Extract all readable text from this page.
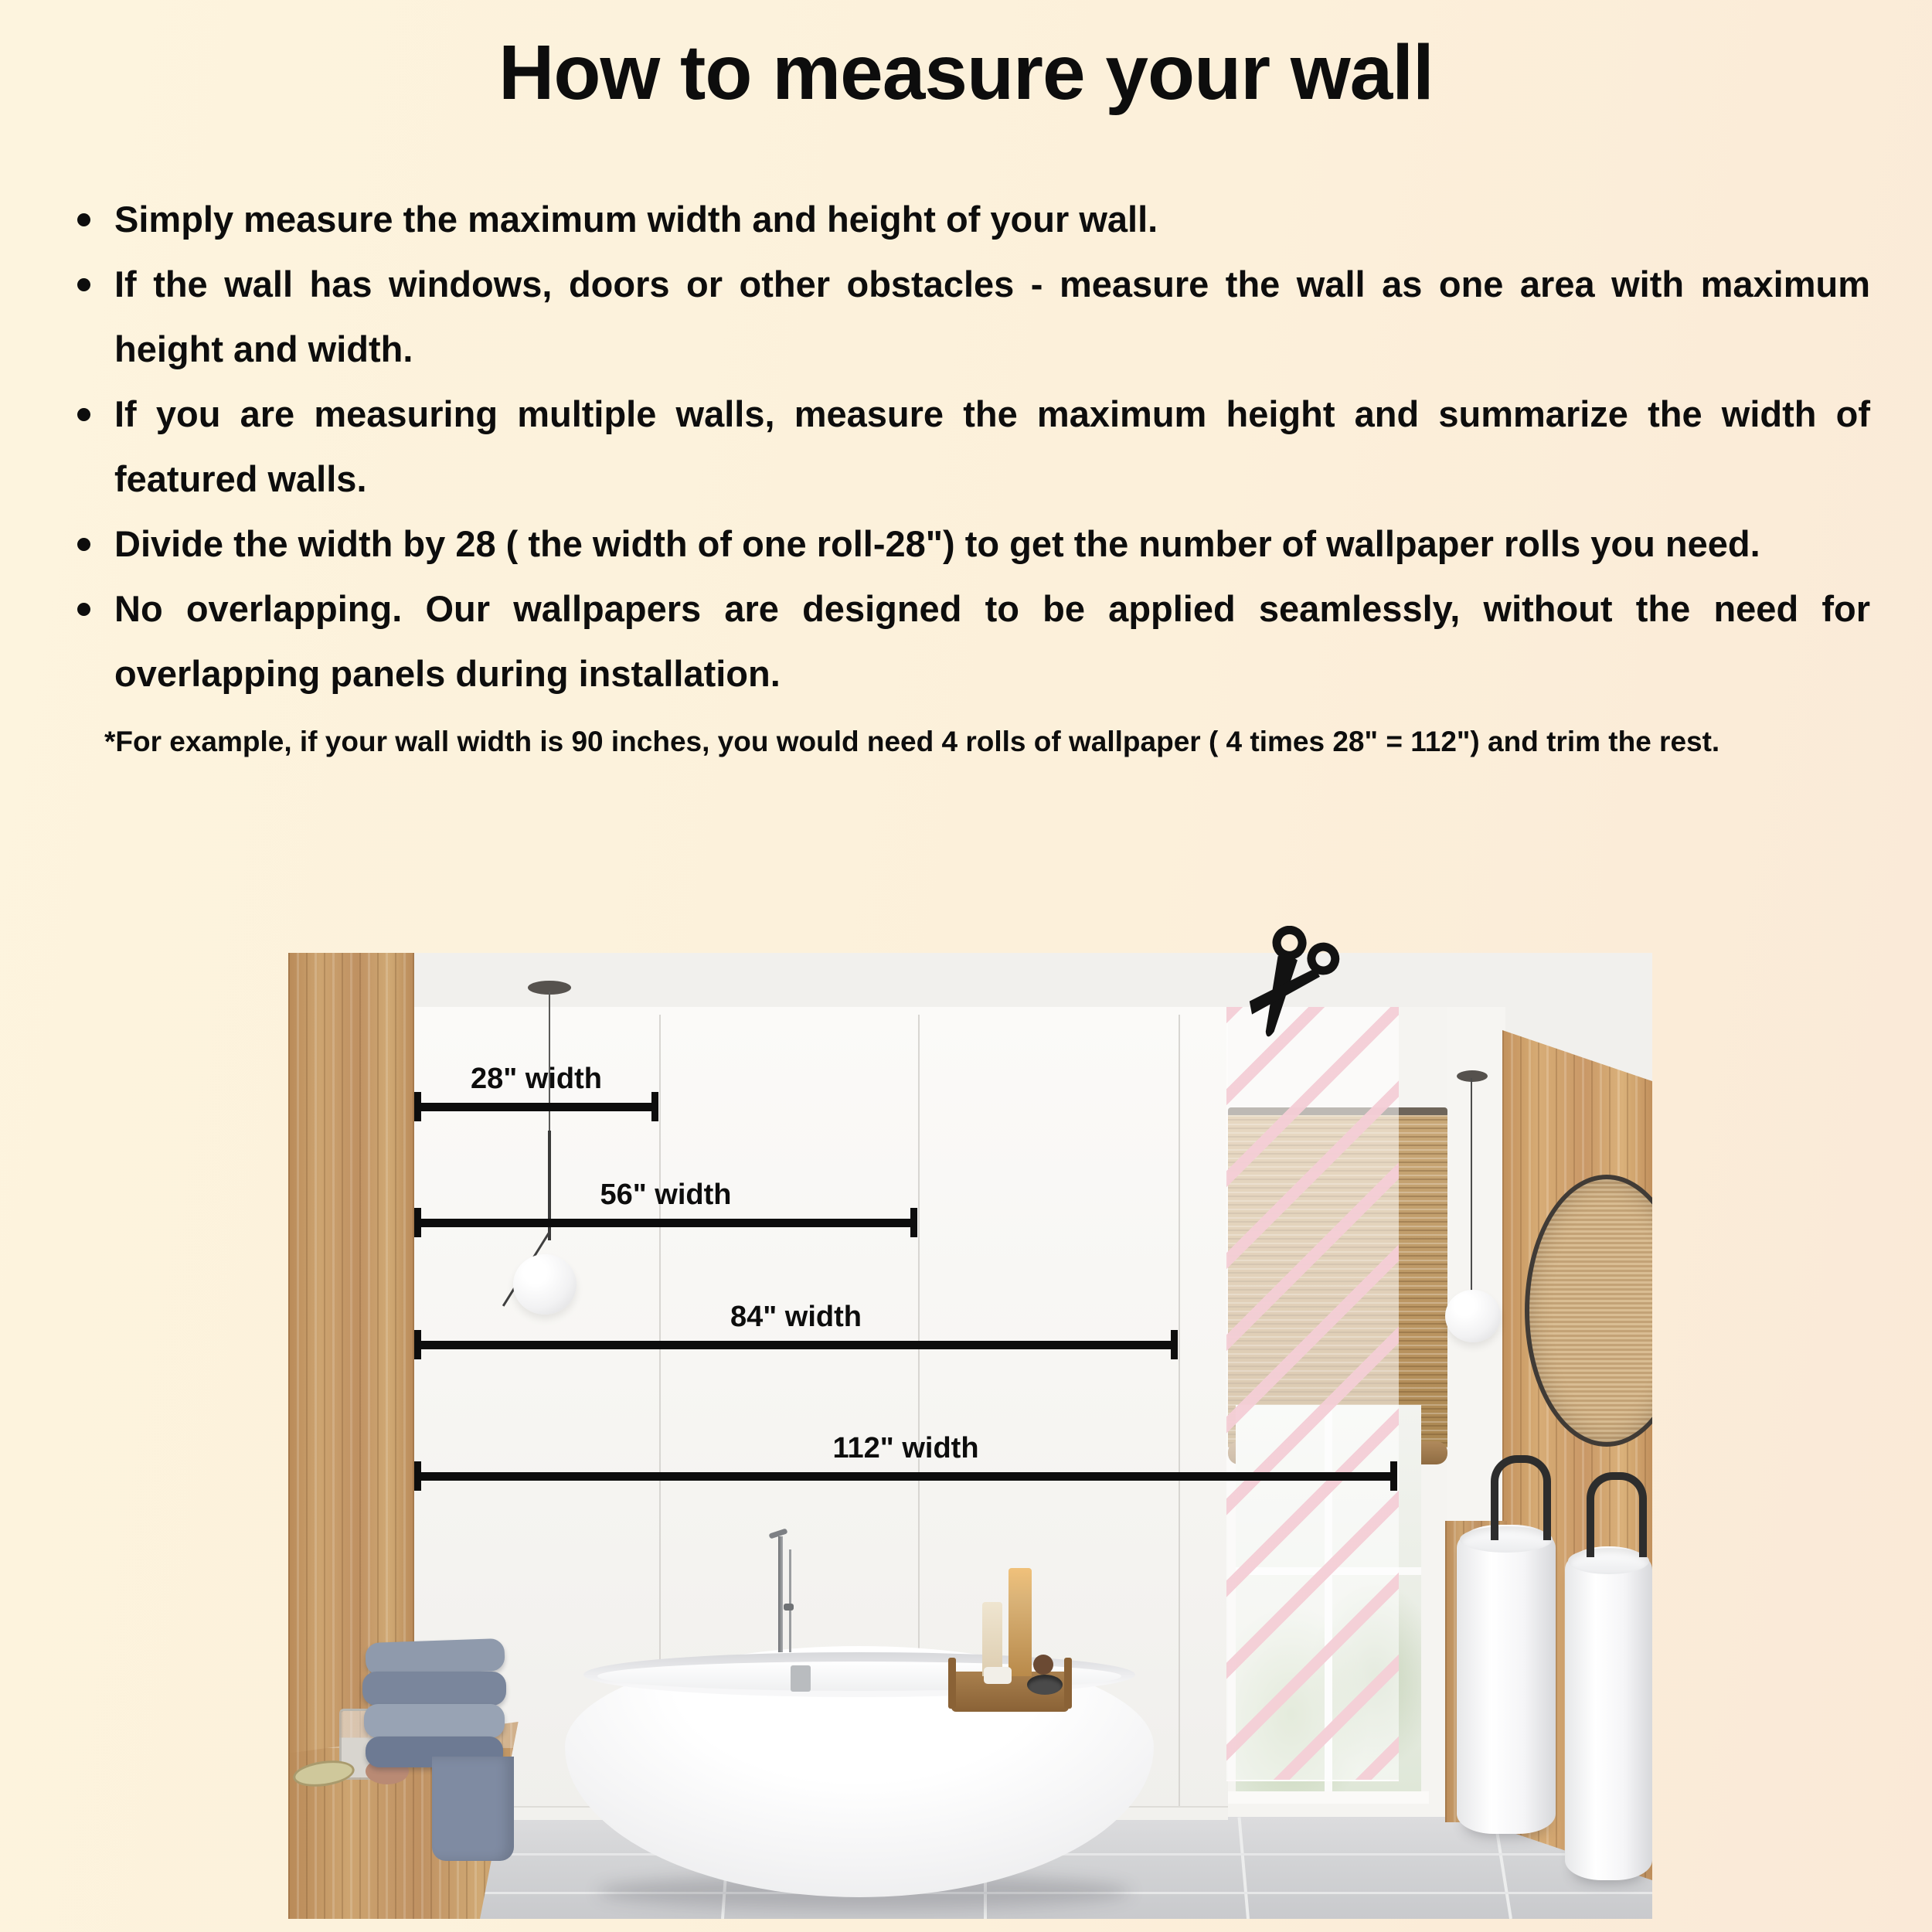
How to measure your wall
Simply measure the maximum width and height of your wall.
If the wall has windows, doors or other obstacles - measure the wall as one area with maximum height and width.
If you are measuring multiple walls, measure the maximum height and summarize the width of featured walls.
Divide the width by 28 ( the width of one roll-28") to get the number of wallpaper rolls you need.
No overlapping. Our wallpapers are designed to be applied seamlessly, without the need for overlapping panels during installation.

*For example, if your wall width is 90 inches, you would need 4 rolls of wallpaper ( 4 times 28" = 112") and trim the rest.

28" width
56" width
84" width
112" width
